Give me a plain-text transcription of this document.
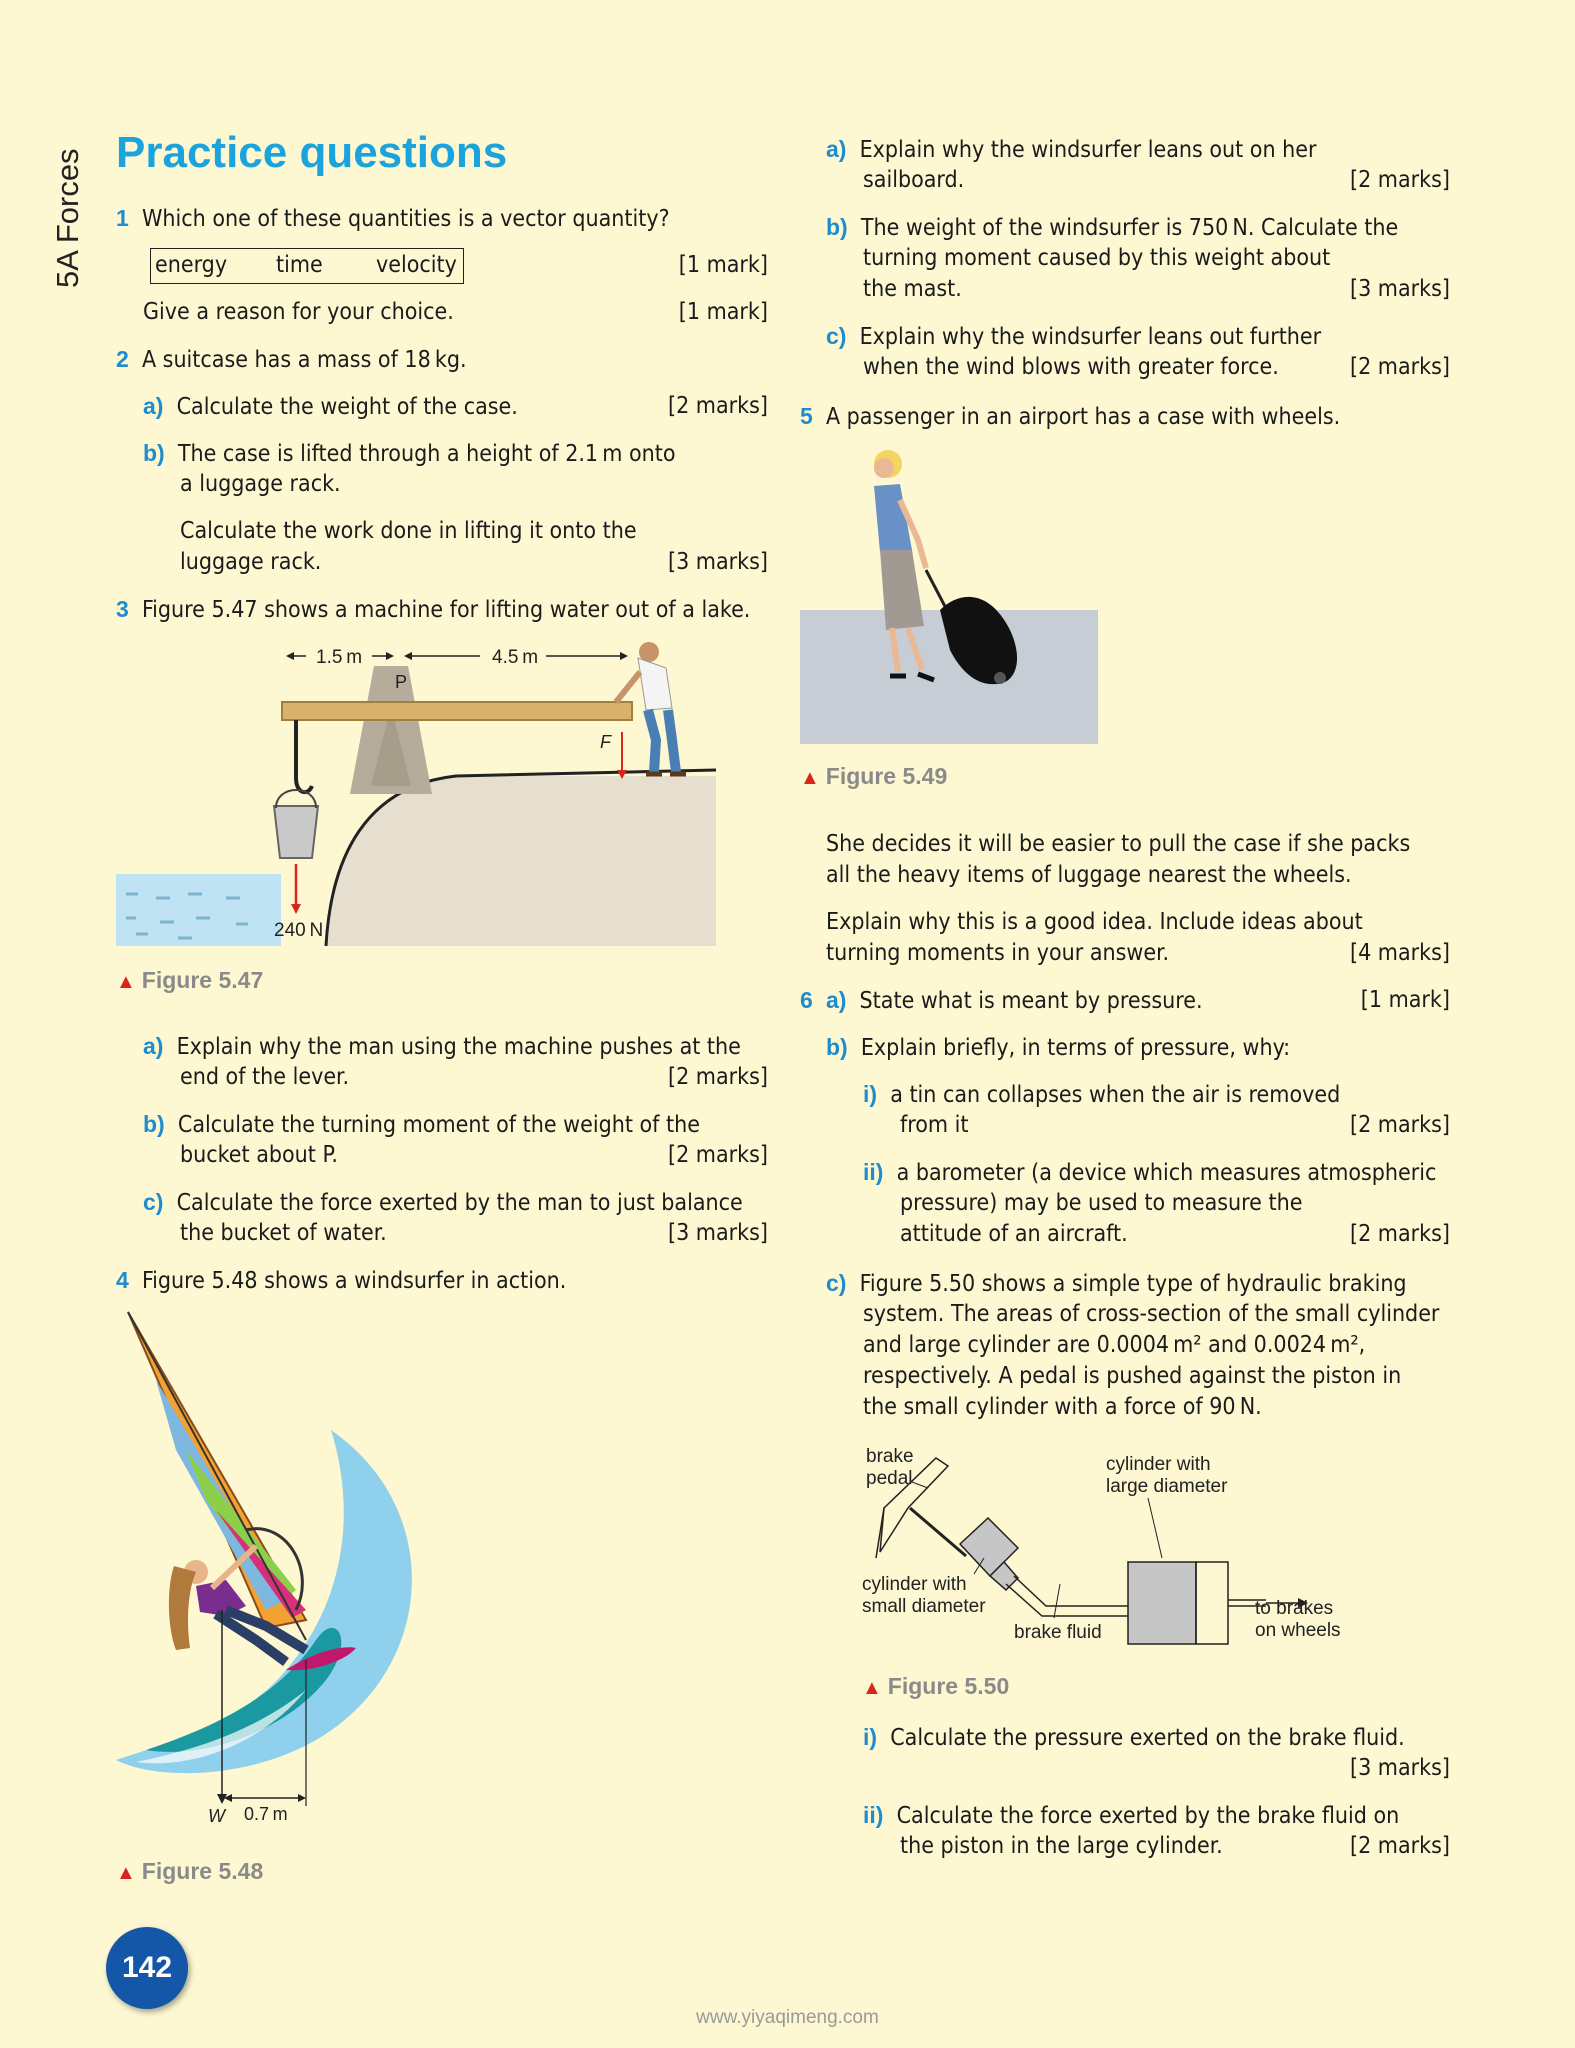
5A Forces Practice questions
1 Which one of these quantities is a vector quantity?
energy time velocity	[1 mark]
Give a reason for your choice.	[1 mark]
2 A suitcase has a mass of 18 kg.
a) Calculate the weight of the case.	[2 marks]
b) The case is lifted through a height of 2.1 m onto
a luggage rack.
Calculate the work done in lifting it onto the
luggage rack.	[3 marks]
3 Figure 5.47 shows a machine for lifting water out of a lake.
240 N
F
P
1.5 m	4.5 m
▲ Figure 5.47
a) Explain why the man using the machine pushes at the
end of the lever.	[2 marks]
b) Calculate the turning moment of the weight of the
bucket about P.	[2 marks]
c) Calculate the force exerted by the man to just balance
the bucket of water.	[3 marks]
4 Figure 5.48 shows a windsurfer in action.
W 0.7 m
▲ Figure 5.48
a) Explain why the windsurfer leans out on her
sailboard.	[2 marks]
b) The weight of the windsurfer is 750 N. Calculate the
turning moment caused by this weight about
the mast.	[3 marks]
c) Explain why the windsurfer leans out further
when the wind blows with greater force.	[2 marks]
5 A passenger in an airport has a case with wheels.
▲ Figure 5.49
She decides it will be easier to pull the case if she packs
all the heavy items of luggage nearest the wheels.
Explain why this is a good idea. Include ideas about
turning moments in your answer.	[4 marks]
6 a) State what is meant by pressure.	[1 mark]
b) Explain briefly, in terms of pressure, why:
i) a tin can collapses when the air is removed
from it	[2 marks]
ii) a barometer (a device which measures atmospheric
pressure) may be used to measure the
attitude of an aircraft.	[2 marks]
c) Figure 5.50 shows a simple type of hydraulic braking
system. The areas of cross-section of the small cylinder
and large cylinder are 0.0004 m² and 0.0024 m²,
respectively. A pedal is pushed against the piston in
the small cylinder with a force of 90 N.
brake
pedal
cylinder with
large diameter
cylinder with
small diameter
brake fluid
to brakes
on wheels
▲ Figure 5.50
i) Calculate the pressure exerted on the brake fluid.
[3 marks]
ii) Calculate the force exerted by the brake fluid on
the piston in the large cylinder.	[2 marks]
142
www.yiyaqimeng.com
